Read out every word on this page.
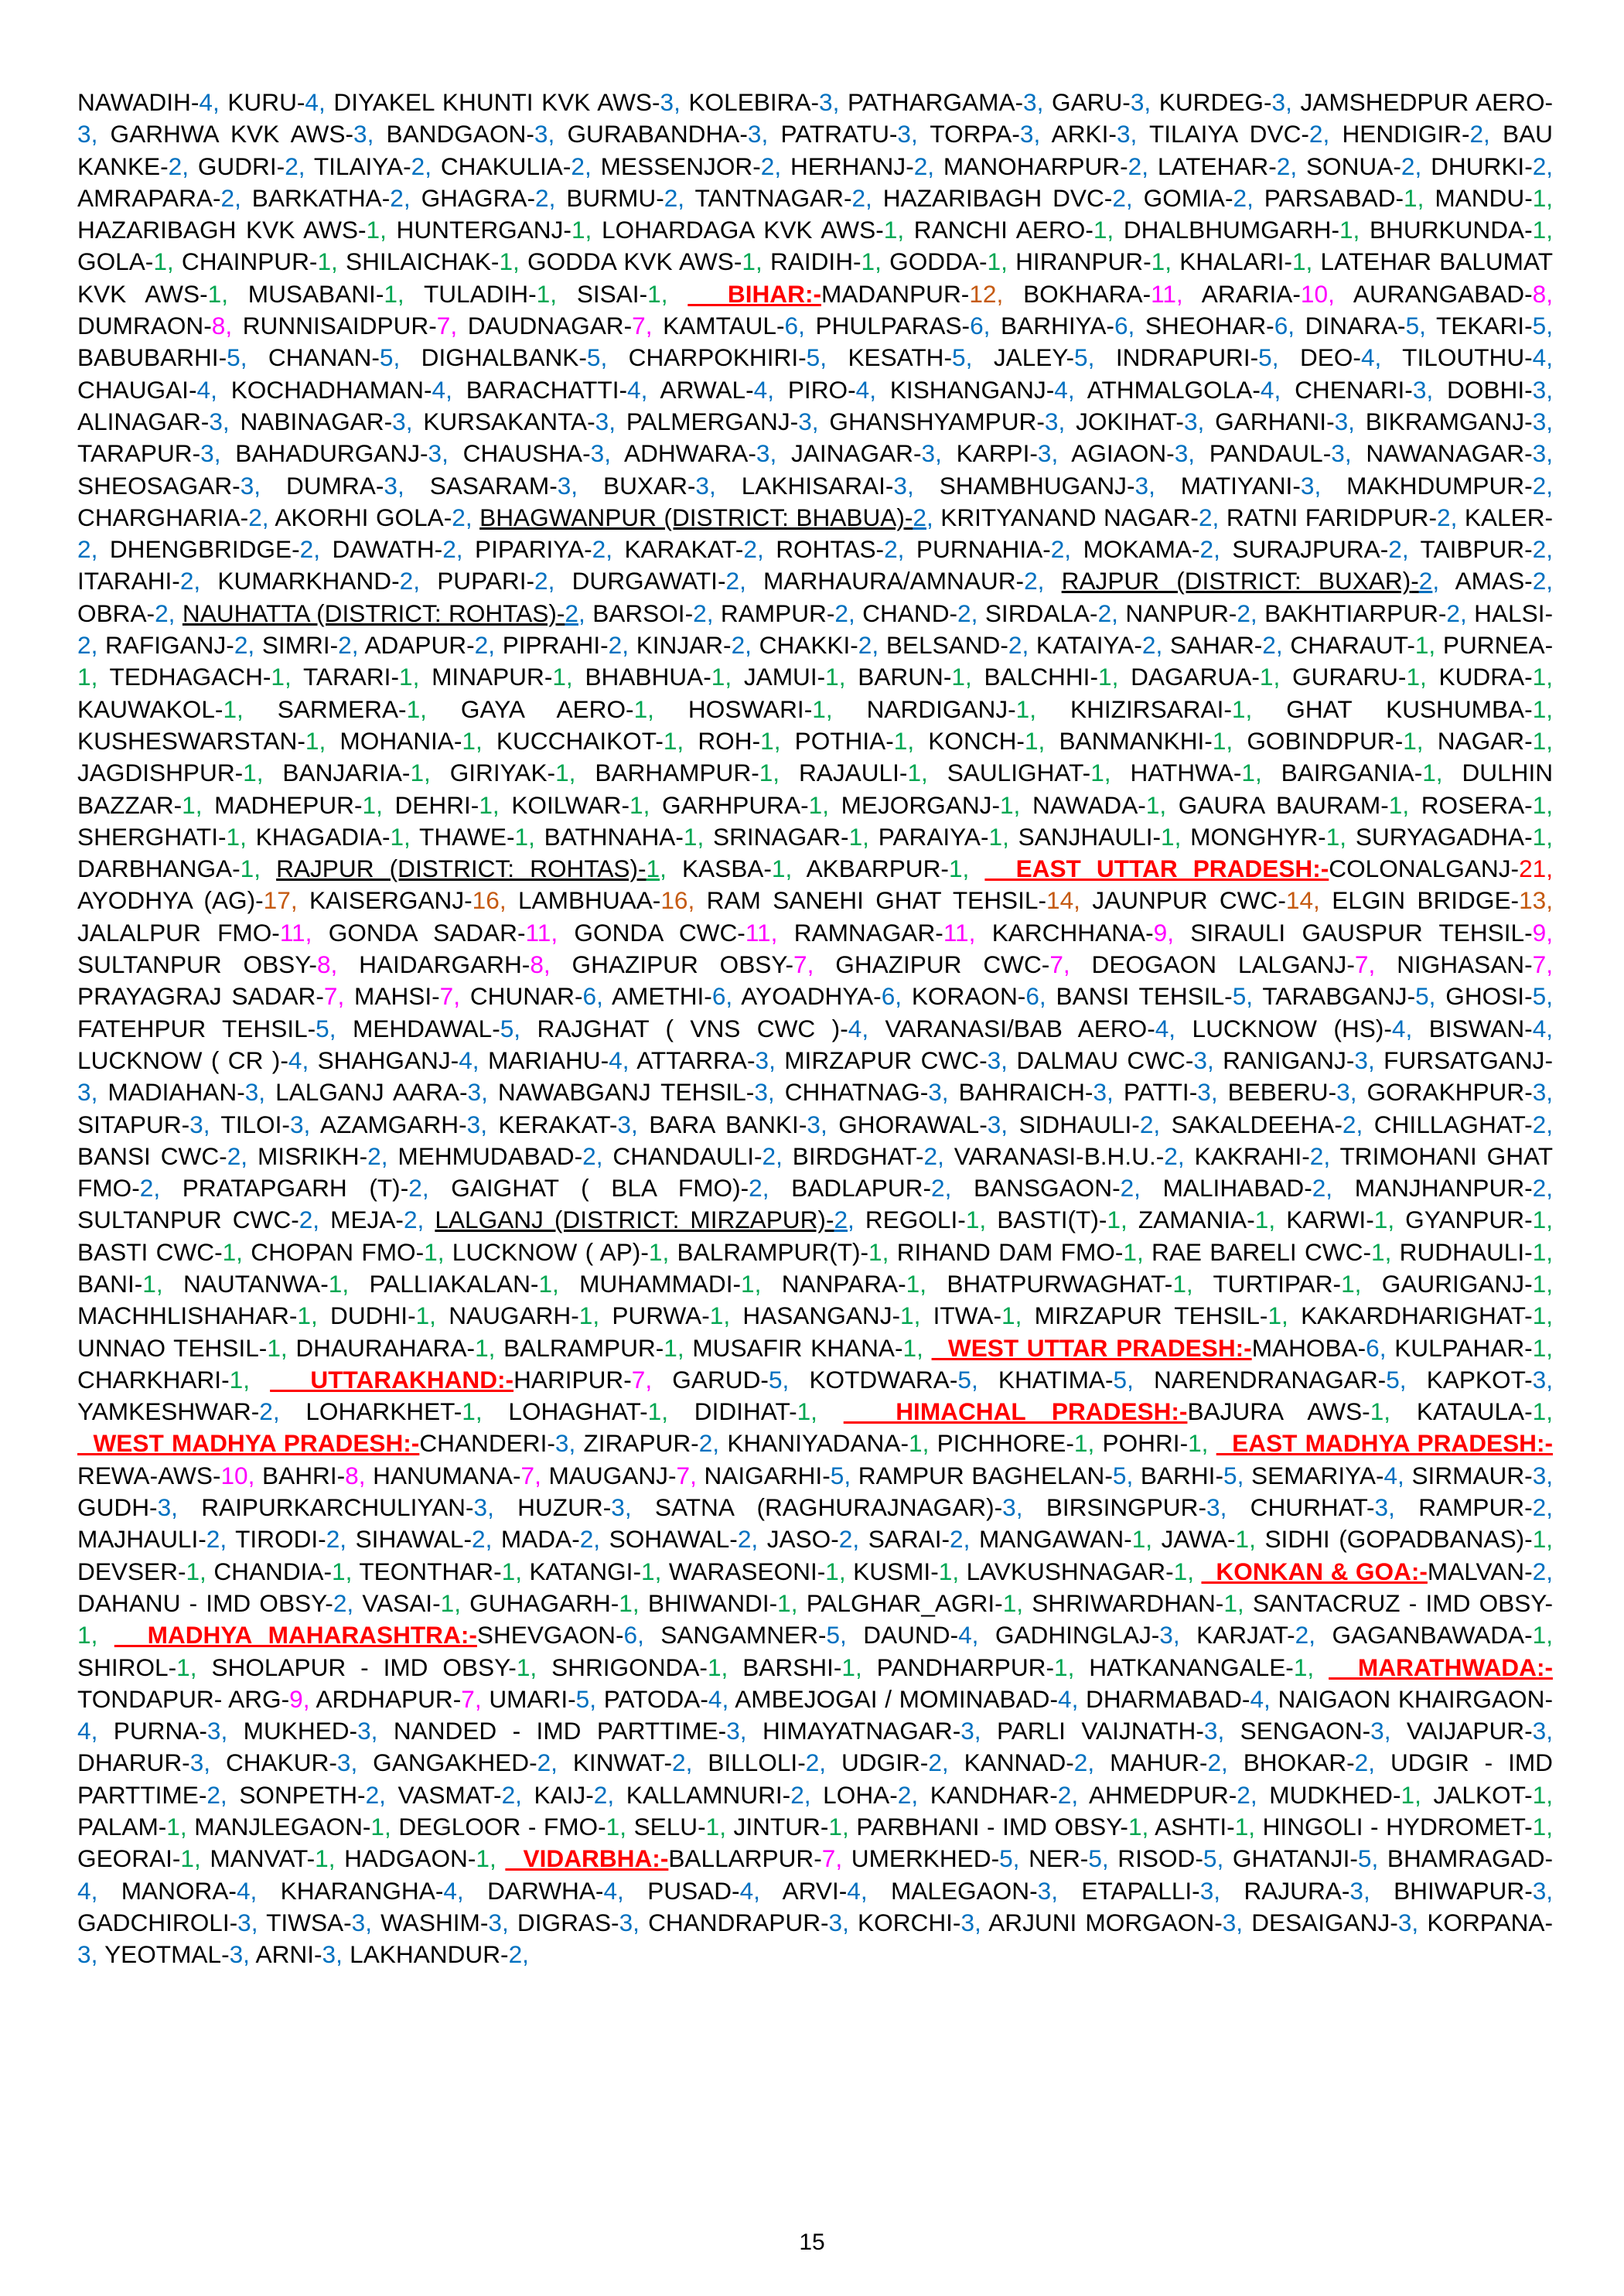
NAWADIH-4, KURU-4, DIYAKEL KHUNTI KVK AWS-3, KOLEBIRA-3, PATHARGAMA-3, GARU-3, KURDEG-3, JAMSHEDPUR AERO-3, GARHWA KVK AWS-3, BANDGAON-3, GURABANDHA-3, PATRATU-3, TORPA-3, ARKI-3, TILAIYA DVC-2, HENDIGIR-2, BAU KANKE-2, GUDRI-2, TILAIYA-2, CHAKULIA-2, MESSENJOR-2, HERHANJ-2, MANOHARPUR-2, LATEHAR-2, SONUA-2, DHURKI-2, AMRAPARA-2, BARKATHA-2, GHAGRA-2, BURMU-2, TANTNAGAR-2, HAZARIBAGH DVC-2, GOMIA-2, PARSABAD-1, MANDU-1, HAZARIBAGH KVK AWS-1, HUNTERGANJ-1, LOHARDAGA KVK AWS-1, RANCHI AERO-1, DHALBHUMGARH-1, BHURKUNDA-1, GOLA-1, CHAINPUR-1, SHILAICHAK-1, GODDA KVK AWS-1, RAIDIH-1, GODDA-1, HIRANPUR-1, KHALARI-1, LATEHAR BALUMAT KVK AWS-1, MUSABANI-1, TULADIH-1, SISAI-1,   BIHAR:-MADANPUR-12, BOKHARA-11, ARARIA-10, AURANGABAD-8, DUMRAON-8, RUNNISAIDPUR-7, DAUDNAGAR-7, KAMTAUL-6, PHULPARAS-6, BARHIYA-6, SHEOHAR-6, DINARA-5, TEKARI-5, BABUBARHI-5, CHANAN-5, DIGHALBANK-5, CHARPOKHIRI-5, KESATH-5, JALEY-5, INDRAPURI-5, DEO-4, TILOUTHU-4, CHAUGAI-4, KOCHADHAMAN-4, BARACHATTI-4, ARWAL-4, PIRO-4, KISHANGANJ-4, ATHMALGOLA-4, CHENARI-3, DOBHI-3, ALINAGAR-3, NABINAGAR-3, KURSAKANTA-3, PALMERGANJ-3, GHANSHYAMPUR-3, JOKIHAT-3, GARHANI-3, BIKRAMGANJ-3, TARAPUR-3, BAHADURGANJ-3, CHAUSHA-3, ADHWARA-3, JAINAGAR-3, KARPI-3, AGIAON-3, PANDAUL-3, NAWANAGAR-3, SHEOSAGAR-3, DUMRA-3, SASARAM-3, BUXAR-3, LAKHISARAI-3, SHAMBHUGANJ-3, MATIYANI-3, MAKHDUMPUR-2, CHARGHARIA-2, AKORHI GOLA-2, BHAGWANPUR (DISTRICT: BHABUA)-2, KRITYANAND NAGAR-2, RATNI FARIDPUR-2, KALER-2, DHENGBRIDGE-2, DAWATH-2, PIPARIYA-2, KARAKAT-2, ROHTAS-2, PURNAHIA-2, MOKAMA-2, SURAJPURA-2, TAIBPUR-2, ITARAHI-2, KUMARKHAND-2, PUPARI-2, DURGAWATI-2, MARHAURA/AMNAUR-2, RAJPUR (DISTRICT: BUXAR)-2, AMAS-2, OBRA-2, NAUHATTA (DISTRICT: ROHTAS)-2, BARSOI-2, RAMPUR-2, CHAND-2, SIRDALA-2, NANPUR-2, BAKHTIARPUR-2, HALSI-2, RAFIGANJ-2, SIMRI-2, ADAPUR-2, PIPRAHI-2, KINJAR-2, CHAKKI-2, BELSAND-2, KATAIYA-2, SAHAR-2, CHARAUT-1, PURNEA-1, TEDHAGACH-1, TARARI-1, MINAPUR-1, BHABHUA-1, JAMUI-1, BARUN-1, BALCHHI-1, DAGARUA-1, GURARU-1, KUDRA-1, KAUWAKOL-1, SARMERA-1, GAYA AERO-1, HOSWARI-1, NARDIGANJ-1, KHIZIRSARAI-1, GHAT KUSHUMBA-1, KUSHESWARSTAN-1, MOHANIA-1, KUCCHAIKOT-1, ROH-1, POTHIA-1, KONCH-1, BANMANKHI-1, GOBINDPUR-1, NAGAR-1, JAGDISHPUR-1, BANJARIA-1, GIRIYAK-1, BARHAMPUR-1, RAJAULI-1, SAULIGHAT-1, HATHWA-1, BAIRGANIA-1, DULHIN BAZZAR-1, MADHEPUR-1, DEHRI-1, KOILWAR-1, GARHPURA-1, MEJORGANJ-1, NAWADA-1, GAURA BAURAM-1, ROSERA-1, SHERGHATI-1, KHAGADIA-1, THAWE-1, BATHNAHA-1, SRINAGAR-1, PARAIYA-1, SANJHAULI-1, MONGHYR-1, SURYAGADHA-1, DARBHANGA-1, RAJPUR (DISTRICT: ROHTAS)-1, KASBA-1, AKBARPUR-1,   EAST UTTAR PRADESH:-COLONALGANJ-21, AYODHYA (AG)-17, KAISERGANJ-16, LAMBHUAA-16, RAM SANEHI GHAT TEHSIL-14, JAUNPUR CWC-14, ELGIN BRIDGE-13, JALALPUR FMO-11, GONDA SADAR-11, GONDA CWC-11, RAMNAGAR-11, KARCHHANA-9, SIRAULI GAUSPUR TEHSIL-9, SULTANPUR OBSY-8, HAIDARGARH-8, GHAZIPUR OBSY-7, GHAZIPUR CWC-7, DEOGAON LALGANJ-7, NIGHASAN-7, PRAYAGRAJ SADAR-7, MAHSI-7, CHUNAR-6, AMETHI-6, AYOADHYA-6, KORAON-6, BANSI TEHSIL-5, TARABGANJ-5, GHOSI-5, FATEHPUR TEHSIL-5, MEHDAWAL-5, RAJGHAT ( VNS CWC )-4, VARANASI/BAB AERO-4, LUCKNOW (HS)-4, BISWAN-4, LUCKNOW ( CR )-4, SHAHGANJ-4, MARIAHU-4, ATTARRA-3, MIRZAPUR CWC-3, DALMAU CWC-3, RANIGANJ-3, FURSATGANJ-3, MADIAHAN-3, LALGANJ AARA-3, NAWABGANJ TEHSIL-3, CHHATNAG-3, BAHRAICH-3, PATTI-3, BEBERU-3, GORAKHPUR-3, SITAPUR-3, TILOI-3, AZAMGARH-3, KERAKAT-3, BARA BANKI-3, GHORAWAL-3, SIDHAULI-2, SAKALDEEHA-2, CHILLAGHAT-2, BANSI CWC-2, MISRIKH-2, MEHMUDABAD-2, CHANDAULI-2, BIRDGHAT-2, VARANASI-B.H.U.-2, KAKRAHI-2, TRIMOHANI GHAT FMO-2, PRATAPGARH (T)-2, GAIGHAT ( BLA FMO)-2, BADLAPUR-2, BANSGAON-2, MALIHABAD-2, MANJHANPUR-2, SULTANPUR CWC-2, MEJA-2, LALGANJ (DISTRICT: MIRZAPUR)-2, REGOLI-1, BASTI(T)-1, ZAMANIA-1, KARWI-1, GYANPUR-1, BASTI CWC-1, CHOPAN FMO-1, LUCKNOW ( AP)-1, BALRAMPUR(T)-1, RIHAND DAM FMO-1, RAE BARELI CWC-1, RUDHAULI-1, BANI-1, NAUTANWA-1, PALLIAKALAN-1, MUHAMMADI-1, NANPARA-1, BHATPURWAGHAT-1, TURTIPAR-1, GAURIGANJ-1, MACHHLISHAHAR-1, DUDHI-1, NAUGARH-1, PURWA-1, HASANGANJ-1, ITWA-1, MIRZAPUR TEHSIL-1, KAKARDHARIGHAT-1, UNNAO TEHSIL-1, DHAURAHARA-1, BALRAMPUR-1, MUSAFIR KHANA-1,   WEST UTTAR PRADESH:-MAHOBA-6, KULPAHAR-1, CHARKHARI-1,   UTTARAKHAND:-HARIPUR-7, GARUD-5, KOTDWARA-5, KHATIMA-5, NARENDRANAGAR-5, KAPKOT-3, YAMKESHWAR-2, LOHARKHET-1, LOHAGHAT-1, DIDIHAT-1,   HIMACHAL PRADESH:-BAJURA AWS-1, KATAULA-1,   WEST MADHYA PRADESH:-CHANDERI-3, ZIRAPUR-2, KHANIYADANA-1, PICHHORE-1, POHRI-1,   EAST MADHYA PRADESH:-REWA-AWS-10, BAHRI-8, HANUMANA-7, MAUGANJ-7, NAIGARHI-5, RAMPUR BAGHELAN-5, BARHI-5, SEMARIYA-4, SIRMAUR-3, GUDH-3, RAIPURKARCHULIYAN-3, HUZUR-3, SATNA (RAGHURAJNAGAR)-3, BIRSINGPUR-3, CHURHAT-3, RAMPUR-2, MAJHAULI-2, TIRODI-2, SIHAWAL-2, MADA-2, SOHAWAL-2, JASO-2, SARAI-2, MANGAWAN-1, JAWA-1, SIDHI (GOPADBANAS)-1, DEVSER-1, CHANDIA-1, TEONTHAR-1, KATANGI-1, WARASEONI-1, KUSMI-1, LAVKUSHNAGAR-1,   KONKAN & GOA:-MALVAN-2, DAHANU - IMD OBSY-2, VASAI-1, GUHAGARH-1, BHIWANDI-1, PALGHAR_AGRI-1, SHRIWARDHAN-1, SANTACRUZ - IMD OBSY-1,   MADHYA MAHARASHTRA:-SHEVGAON-6, SANGAMNER-5, DAUND-4, GADHINGLAJ-3, KARJAT-2, GAGANBAWADA-1, SHIROL-1, SHOLAPUR - IMD OBSY-1, SHRIGONDA-1, BARSHI-1, PANDHARPUR-1, HATKANANGALE-1,   MARATHWADA:-TONDAPUR- ARG-9, ARDHAPUR-7, UMARI-5, PATODA-4, AMBEJOGAI / MOMINABAD-4, DHARMABAD-4, NAIGAON KHAIRGAON-4, PURNA-3, MUKHED-3, NANDED - IMD PARTTIME-3, HIMAYATNAGAR-3, PARLI VAIJNATH-3, SENGAON-3, VAIJAPUR-3, DHARUR-3, CHAKUR-3, GANGAKHED-2, KINWAT-2, BILLOLI-2, UDGIR-2, KANNAD-2, MAHUR-2, BHOKAR-2, UDGIR - IMD PARTTIME-2, SONPETH-2, VASMAT-2, KAIJ-2, KALLAMNURI-2, LOHA-2, KANDHAR-2, AHMEDPUR-2, MUDKHED-1, JALKOT-1, PALAM-1, MANJLEGAON-1, DEGLOOR - FMO-1, SELU-1, JINTUR-1, PARBHANI - IMD OBSY-1, ASHTI-1, HINGOLI - HYDROMET-1, GEORAI-1, MANVAT-1, HADGAON-1,   VIDARBHA:-BALLARPUR-7, UMERKHED-5, NER-5, RISOD-5, GHATANJI-5, BHAMRAGAD-4, MANORA-4, KHARANGHA-4, DARWHA-4, PUSAD-4, ARVI-4, MALEGAON-3, ETAPALLI-3, RAJURA-3, BHIWAPUR-3, GADCHIROLI-3, TIWSA-3, WASHIM-3, DIGRAS-3, CHANDRAPUR-3, KORCHI-3, ARJUNI MORGAON-3, DESAIGANJ-3, KORPANA-3, YEOTMAL-3, ARNI-3, LAKHANDUR-2,
15
